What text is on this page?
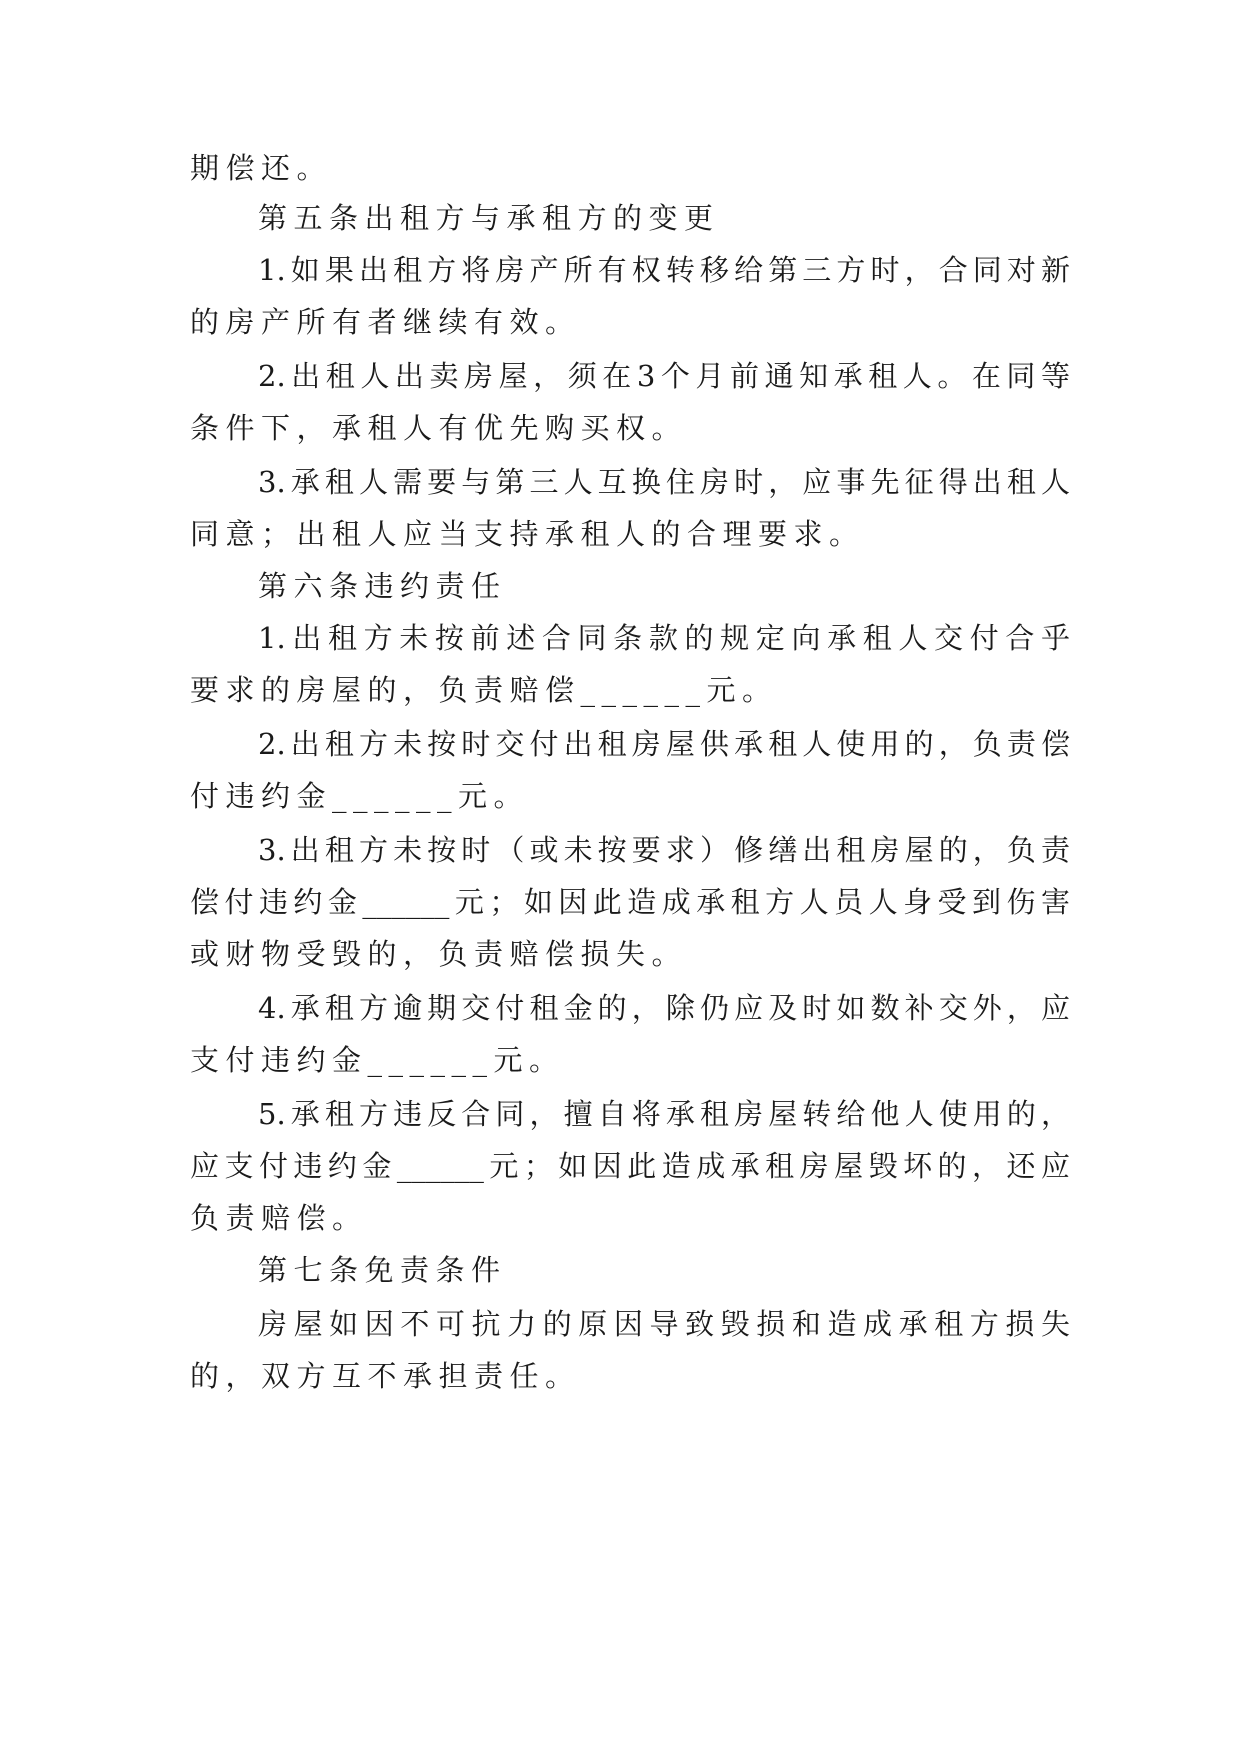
期偿还。
第五条出租方与承租方的变更
1.如果出租方将房产所有权转移给第三方时，合同对新
的房产所有者继续有效。
2.出租人出卖房屋，须在3个月前通知承租人。在同等
条件下，承租人有优先购买权。
3.承租人需要与第三人互换住房时，应事先征得出租人
同意；出租人应当支持承租人的合理要求。
第六条违约责任
1.出租方未按前述合同条款的规定向承租人交付合乎
要求的房屋的，负责赔偿______元。
2.出租方未按时交付出租房屋供承租人使用的，负责偿
付违约金______元。
3.出租方未按时（或未按要求）修缮出租房屋的，负责
偿付违约金______元；如因此造成承租方人员人身受到伤害
或财物受毁的，负责赔偿损失。
4.承租方逾期交付租金的，除仍应及时如数补交外，应
支付违约金______元。
5.承租方违反合同，擅自将承租房屋转给他人使用的，
应支付违约金______元；如因此造成承租房屋毁坏的，还应
负责赔偿。
第七条免责条件
房屋如因不可抗力的原因导致毁损和造成承租方损失
的，双方互不承担责任。
